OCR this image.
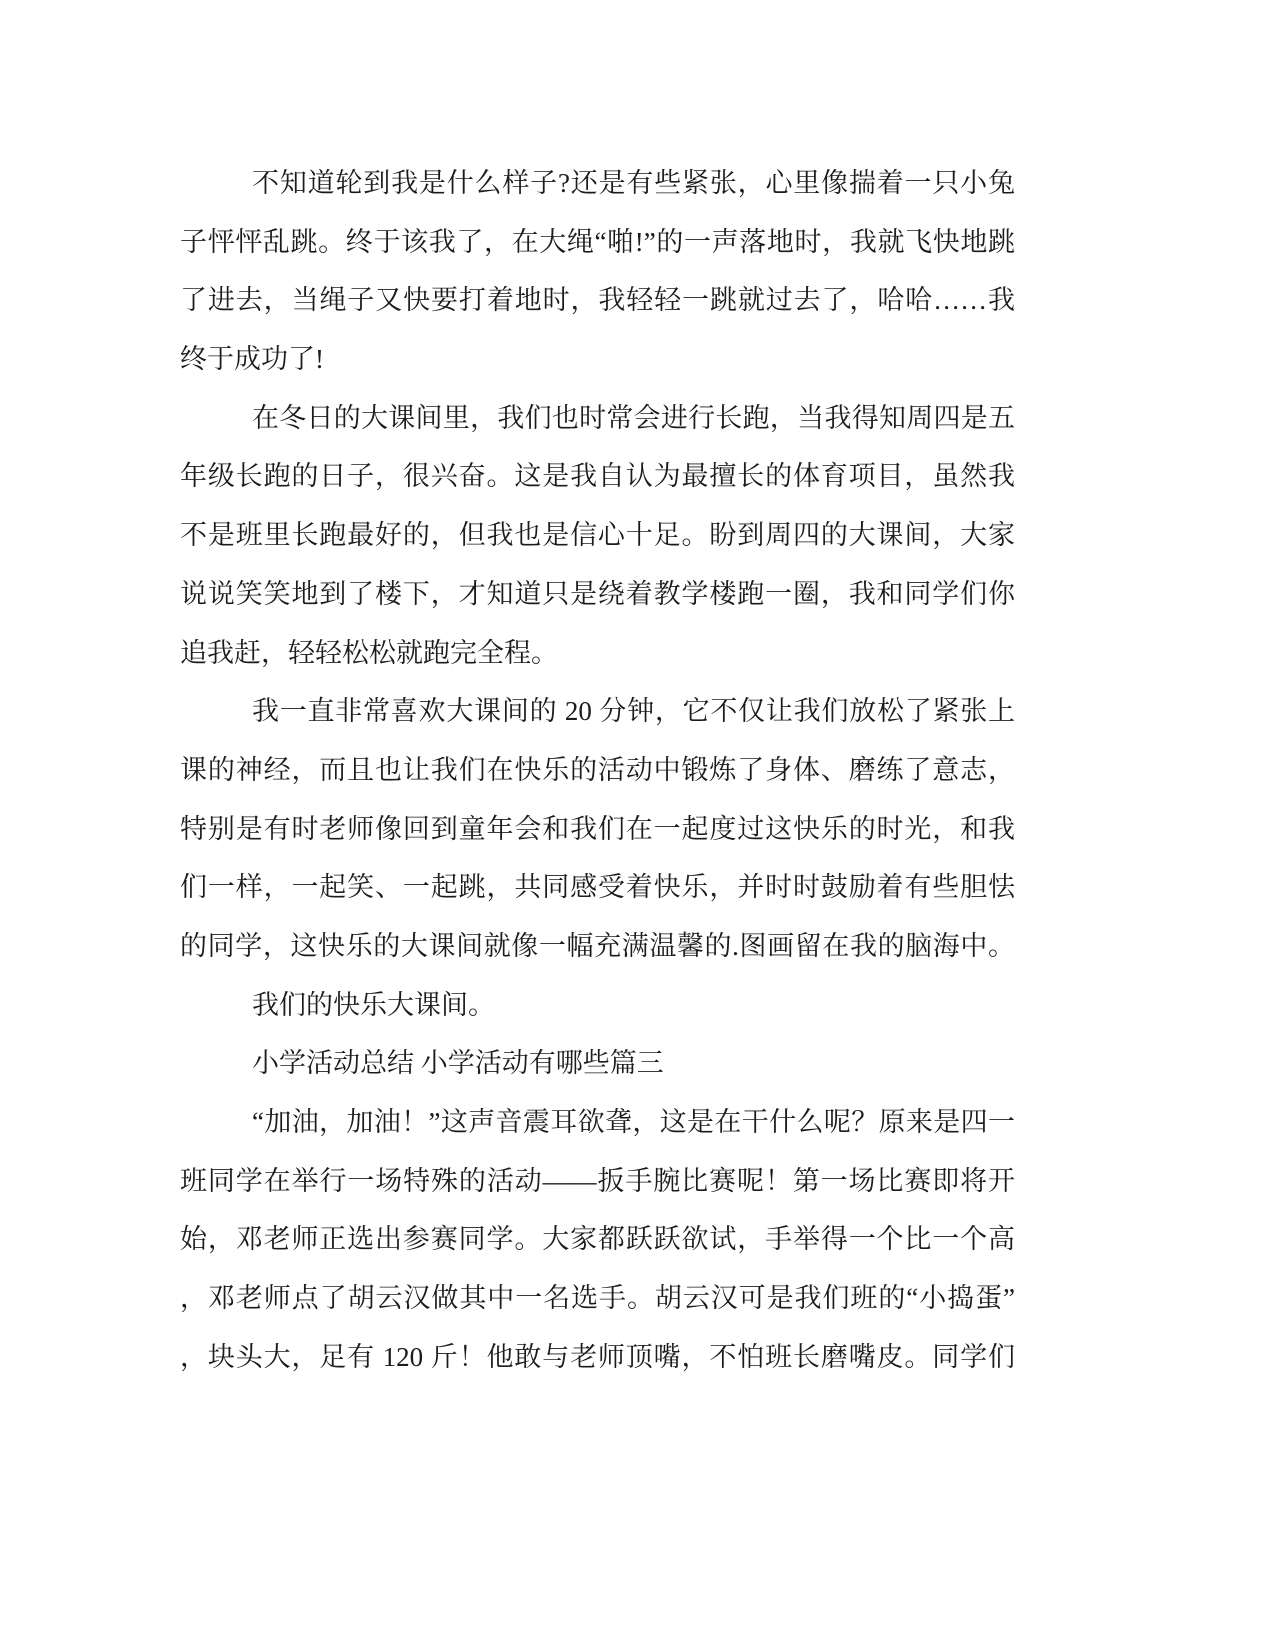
不知道轮到我是什么样子?还是有些紧张，心里像揣着一只小兔
子怦怦乱跳。终于该我了，在大绳“啪!”的一声落地时，我就飞快地跳
了进去，当绳子又快要打着地时，我轻轻一跳就过去了，哈哈……我
终于成功了!
在冬日的大课间里，我们也时常会进行长跑，当我得知周四是五
年级长跑的日子，很兴奋。这是我自认为最擅长的体育项目，虽然我
不是班里长跑最好的，但我也是信心十足。盼到周四的大课间，大家
说说笑笑地到了楼下，才知道只是绕着教学楼跑一圈，我和同学们你
追我赶，轻轻松松就跑完全程。
我一直非常喜欢大课间的 20 分钟，它不仅让我们放松了紧张上
课的神经，而且也让我们在快乐的活动中锻炼了身体、磨练了意志，
特别是有时老师像回到童年会和我们在一起度过这快乐的时光，和我
们一样，一起笑、一起跳，共同感受着快乐，并时时鼓励着有些胆怯
的同学，这快乐的大课间就像一幅充满温馨的.图画留在我的脑海中。
我们的快乐大课间。
小学活动总结 小学活动有哪些篇三
“加油，加油！”这声音震耳欲聋，这是在干什么呢？原来是四一
班同学在举行一场特殊的活动——扳手腕比赛呢！第一场比赛即将开
始，邓老师正选出参赛同学。大家都跃跃欲试，手举得一个比一个高
，邓老师点了胡云汉做其中一名选手。胡云汉可是我们班的“小捣蛋”
，块头大，足有 120 斤！他敢与老师顶嘴，不怕班长磨嘴皮。同学们
